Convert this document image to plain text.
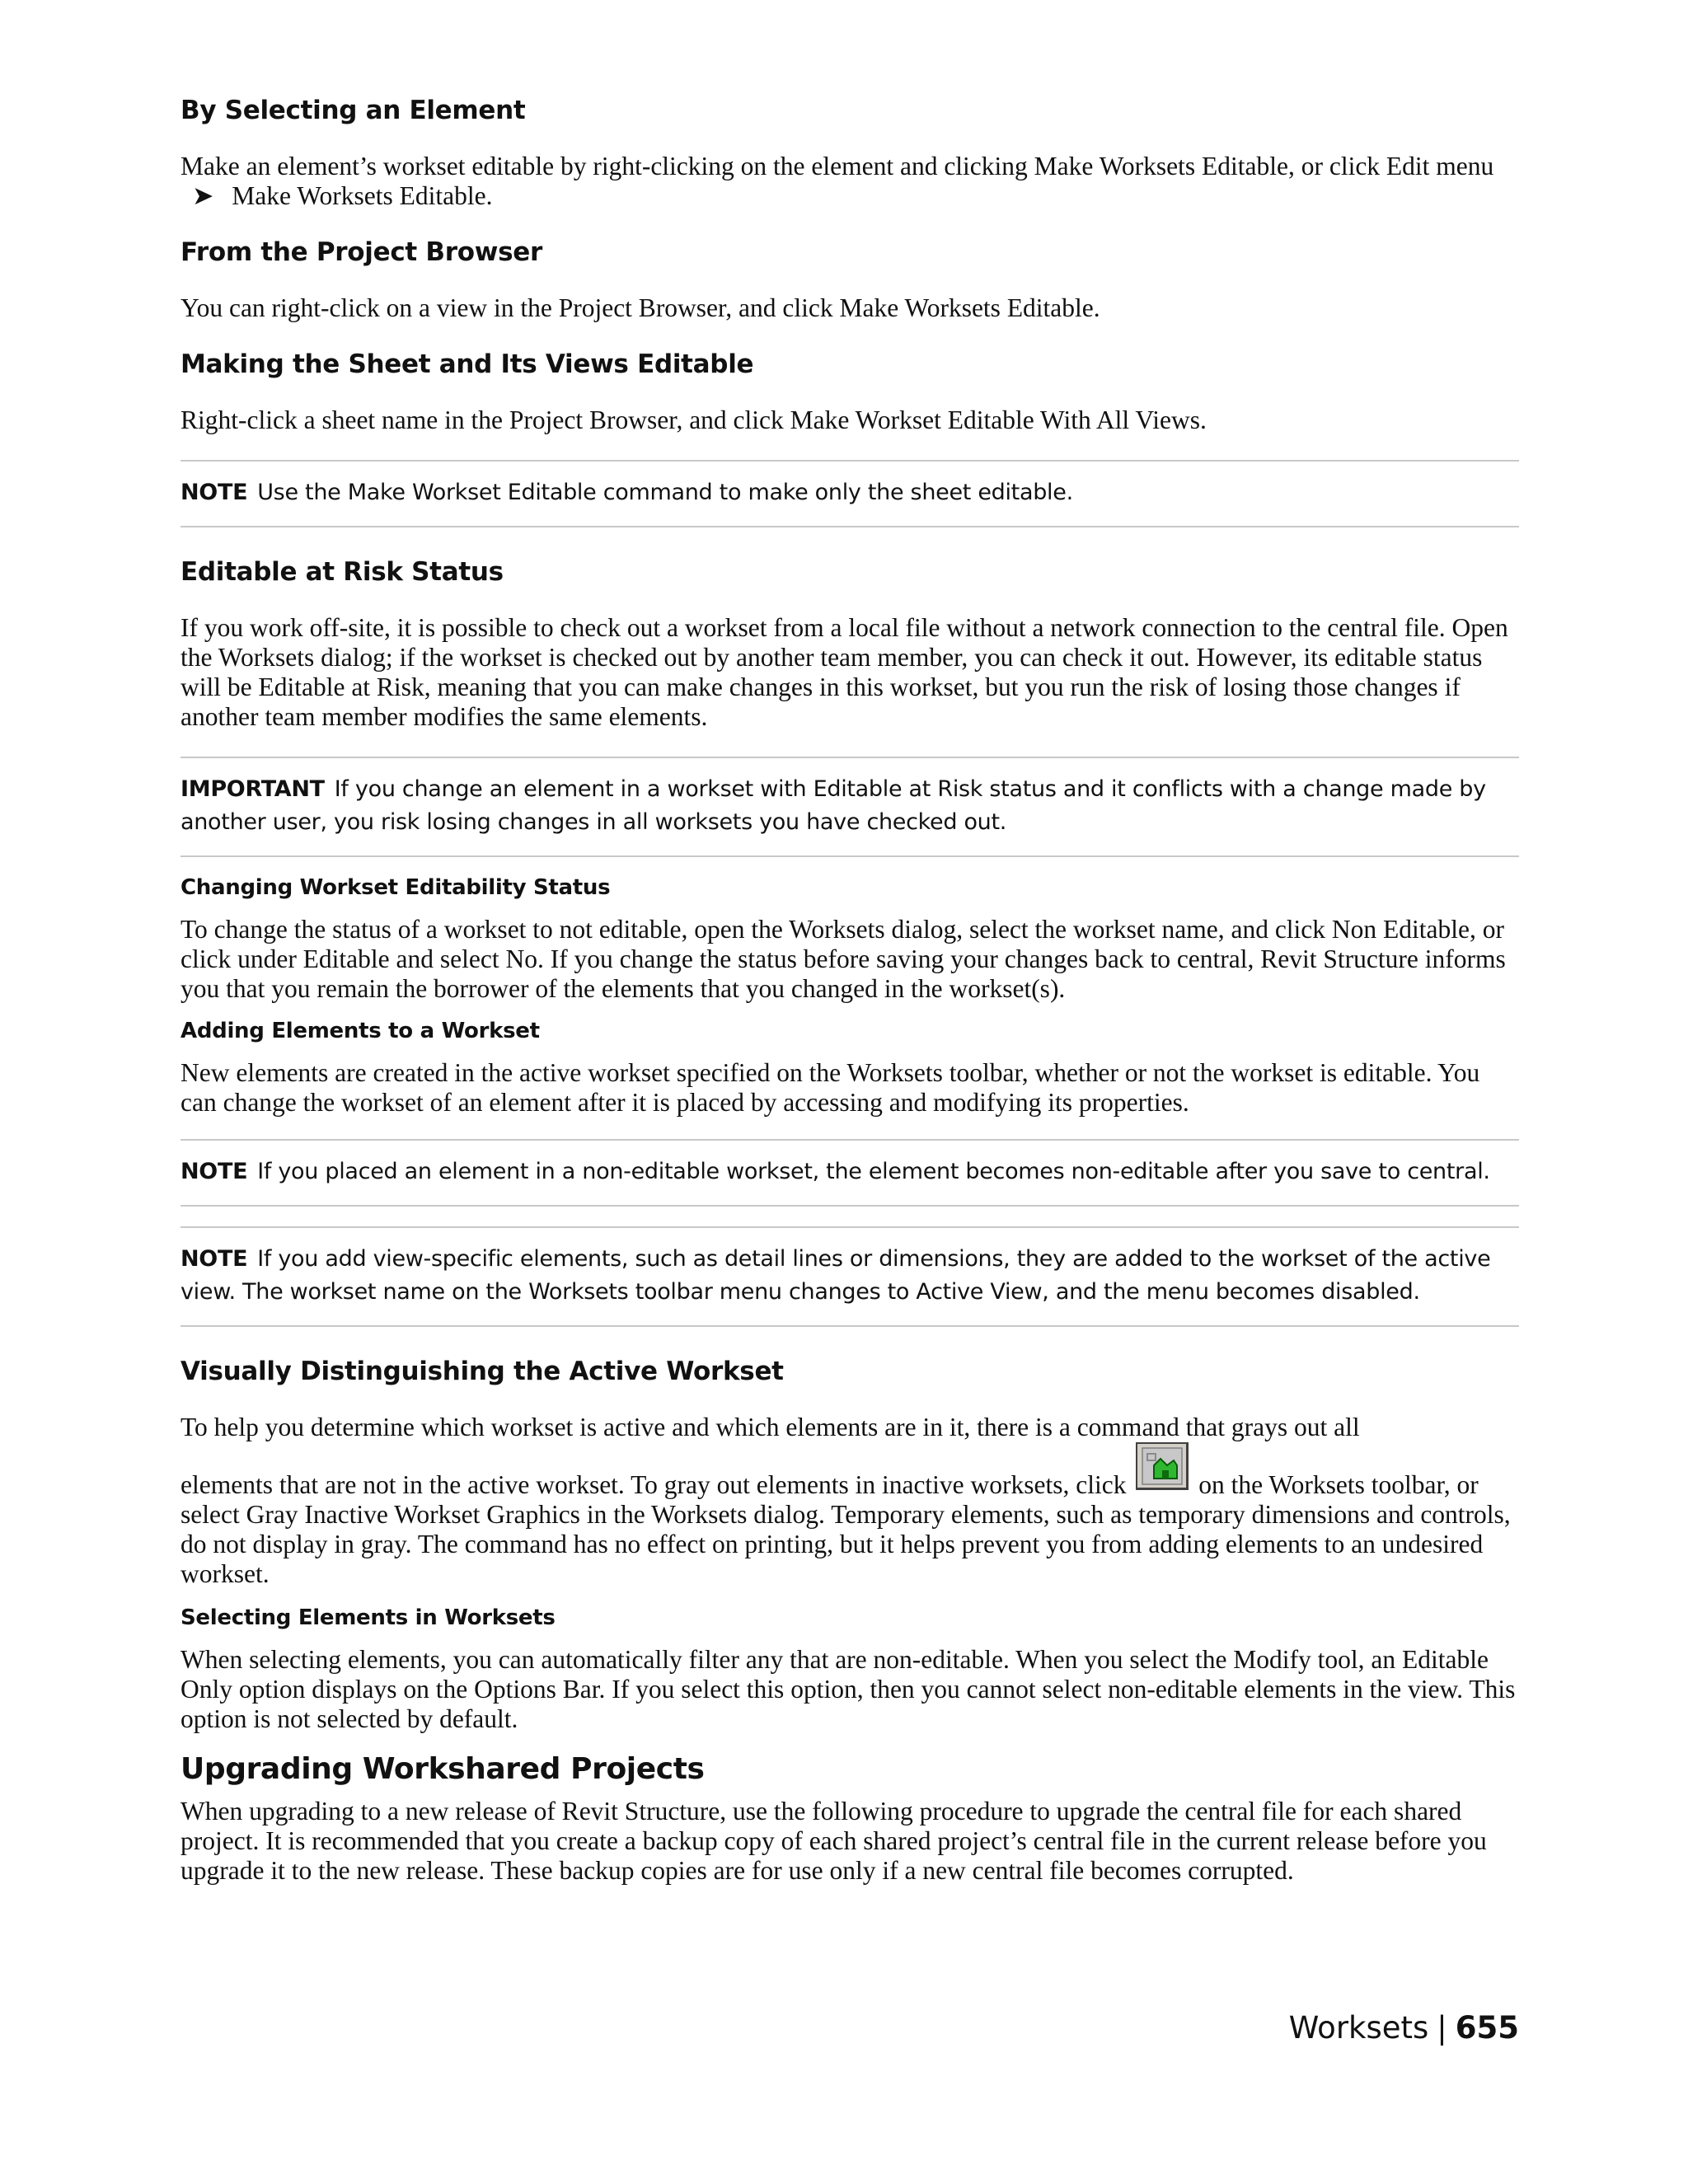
By Selecting an Element

Make an element’s workset editable by right-clicking on the element and clicking Make Worksets Editable, or click Edit menu ➤ Make Worksets Editable.

From the Project Browser

You can right-click on a view in the Project Browser, and click Make Worksets Editable.

Making the Sheet and Its Views Editable

Right-click a sheet name in the Project Browser, and click Make Workset Editable With All Views.

NOTE Use the Make Workset Editable command to make only the sheet editable.
Editable at Risk Status

If you work off-site, it is possible to check out a workset from a local file without a network connection to the central file. Open the Worksets dialog; if the workset is checked out by another team member, you can check it out. However, its editable status will be Editable at Risk, meaning that you can make changes in this workset, but you run the risk of losing those changes if another team member modifies the same elements.

IMPORTANT If you change an element in a workset with Editable at Risk status and it conflicts with a change made by another user, you risk losing changes in all worksets you have checked out.
Changing Workset Editability Status

To change the status of a workset to not editable, open the Worksets dialog, select the workset name, and click Non Editable, or click under Editable and select No. If you change the status before saving your changes back to central, Revit Structure informs you that you remain the borrower of the elements that you changed in the workset(s).

Adding Elements to a Workset

New elements are created in the active workset specified on the Worksets toolbar, whether or not the workset is editable. You can change the workset of an element after it is placed by accessing and modifying its properties.

NOTE If you placed an element in a non-editable workset, the element becomes non-editable after you save to central.
NOTE If you add view-specific elements, such as detail lines or dimensions, they are added to the workset of the active view. The workset name on the Worksets toolbar menu changes to Active View, and the menu becomes disabled.
Visually Distinguishing the Active Workset

To help you determine which workset is active and which elements are in it, there is a command that grays out all
elements that are not in the active workset. To gray out elements in inactive worksets, click	on the Worksets toolbar, or select Gray Inactive Workset Graphics in the Worksets dialog. Temporary elements, such as temporary dimensions and controls, do not display in gray. The command has no effect on printing, but it helps prevent you from adding elements to an undesired workset.

Selecting Elements in Worksets

When selecting elements, you can automatically filter any that are non-editable. When you select the Modify tool, an Editable Only option displays on the Options Bar. If you select this option, then you cannot select non-editable elements in the view. This option is not selected by default.

Upgrading Workshared Projects

When upgrading to a new release of Revit Structure, use the following procedure to upgrade the central file for each shared project. It is recommended that you create a backup copy of each shared project’s central file in the current release before you upgrade it to the new release. These backup copies are for use only if a new central file becomes corrupted.

Worksets | 655
